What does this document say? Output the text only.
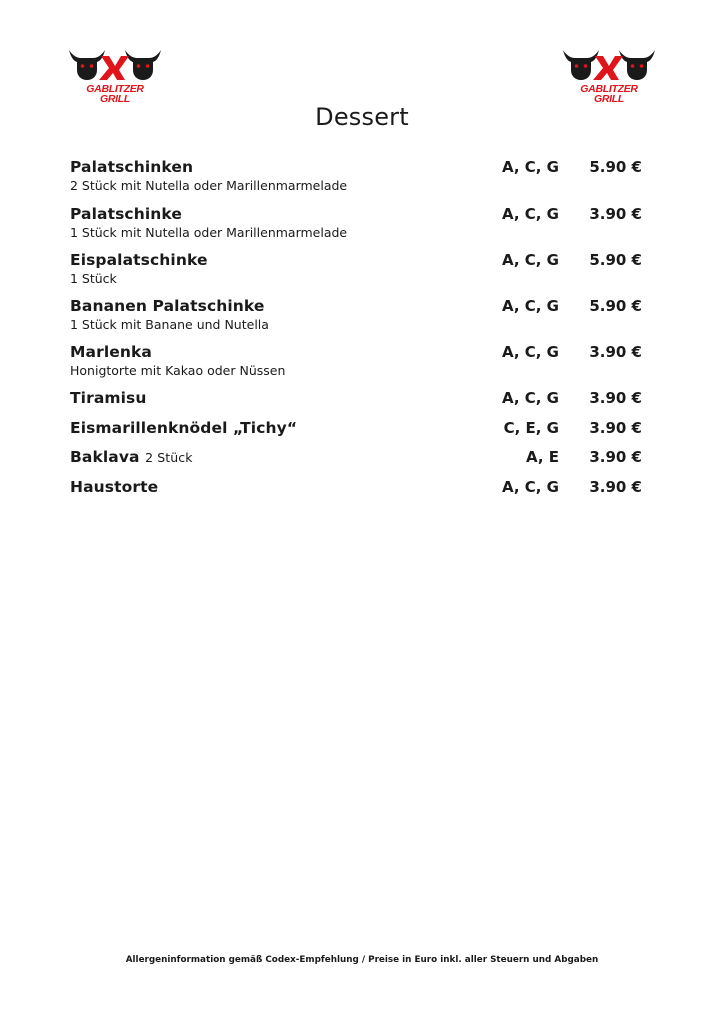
GABLITZER
GRILL
GABLITZER
GRILL
Dessert
Palatschinken
2 Stück mit Nutella oder Marillenmarmelade
A, C, G 5.90 €
Palatschinke
1 Stück mit Nutella oder Marillenmarmelade
A, C, G 3.90 €
Eispalatschinke
1 Stück
A, C, G 5.90 €
Bananen Palatschinke
1 Stück mit Banane und Nutella
A, C, G 5.90 €
Marlenka
Honigtorte mit Kakao oder Nüssen
A, C, G 3.90 €
Tiramisu	A, C, G 3.90 €
Eismarillenknödel „Tichy“	C, E, G 3.90 €
Baklava 2 Stück	A, E 3.90 €
Haustorte	A, C, G 3.90 €
Allergeninformation gemäß Codex-Empfehlung / Preise in Euro inkl. aller Steuern und Abgaben
